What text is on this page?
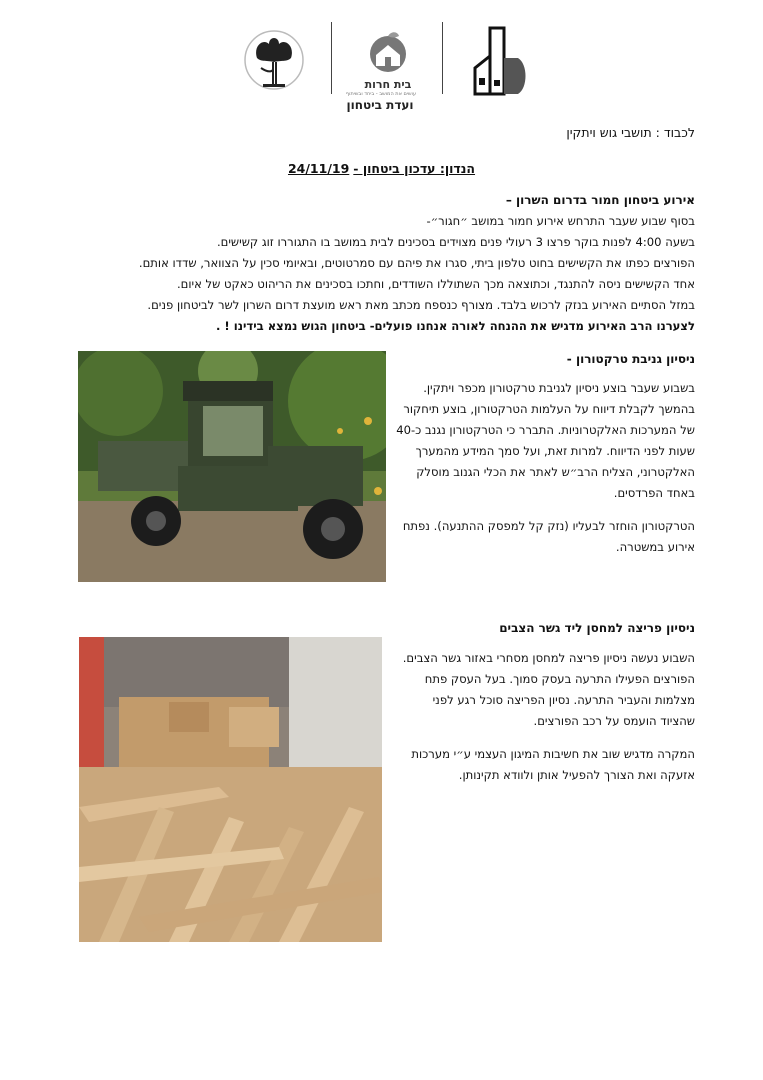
בית חרות
עושים את המושב - ביחד ובשיתוף
ועדת ביטחון
לכבוד : תושבי גוש ויתקין
הנדון: עדכון ביטחון -24/11/19
אירוע ביטחון חמור בדרום השרון –
בסוף שבוע שעבר התרחש אירוע חמור במושב ״חגור״-
בשעה 4:00 לפנות בוקר פרצו 3 רעולי פנים מצוידים בסכינים לבית במושב בו התגוררו זוג קשישים.
הפורצים כפתו את הקשישים בחוט טלפון ביתי, סגרו את פיהם עם סמרטוטים, ובאיומי סכין על הצוואר, שדדו אותם.
אחד הקשישים ניסה להתנגד, וכתוצאה מכך השתוללו השודדים, וחתכו בסכינים את הריהוט כאקט של איום.
במזל הסתיים האירוע בנזק לרכוש בלבד. מצורף כנספח מכתב מאת ראש מועצת דרום השרון לשר לביטחון פנים.
לצערנו הרב האירוע מדגיש את ההנחה לאורה אנחנו פועלים- ביטחון הגוש נמצא בידינו ! .
ניסיון גניבת טרקטורון -

בשבוע שעבר בוצע ניסיון לגניבת טרקטורון מכפר ויתקין. בהמשך לקבלת דיווח על העלמות הטרקטורון, בוצע תיחקור של המערכות האלקטרוניות. התברר כי הטרקטורון נגנב כ-40 שעות לפני הדיווח. למרות זאת, ועל סמך המידע מהמערך האלקטרוני, הצליח הרב״ש לאתר את הכלי הגנוב מוסלק באחד הפרדסים.

הטרקטורון הוחזר לבעליו (נזק קל למפסק ההתנעה). נפתח אירוע במשטרה.

ניסיון פריצה למחסן ליד גשר הצבים

השבוע נעשה ניסיון פריצה למחסן מסחרי באזור גשר הצבים. הפורצים הפעילו התרעה בעסק סמוך. בעל העסק פתח מצלמות והעביר התרעה. נסיון הפריצה סוכל רגע לפני שהציוד הועמס על רכב הפורצים.

המקרה מדגיש שוב את חשיבות המיגון העצמי ע״י מערכות אזעקה ואת הצורך להפעיל אותן ולוודא תקינותן.
